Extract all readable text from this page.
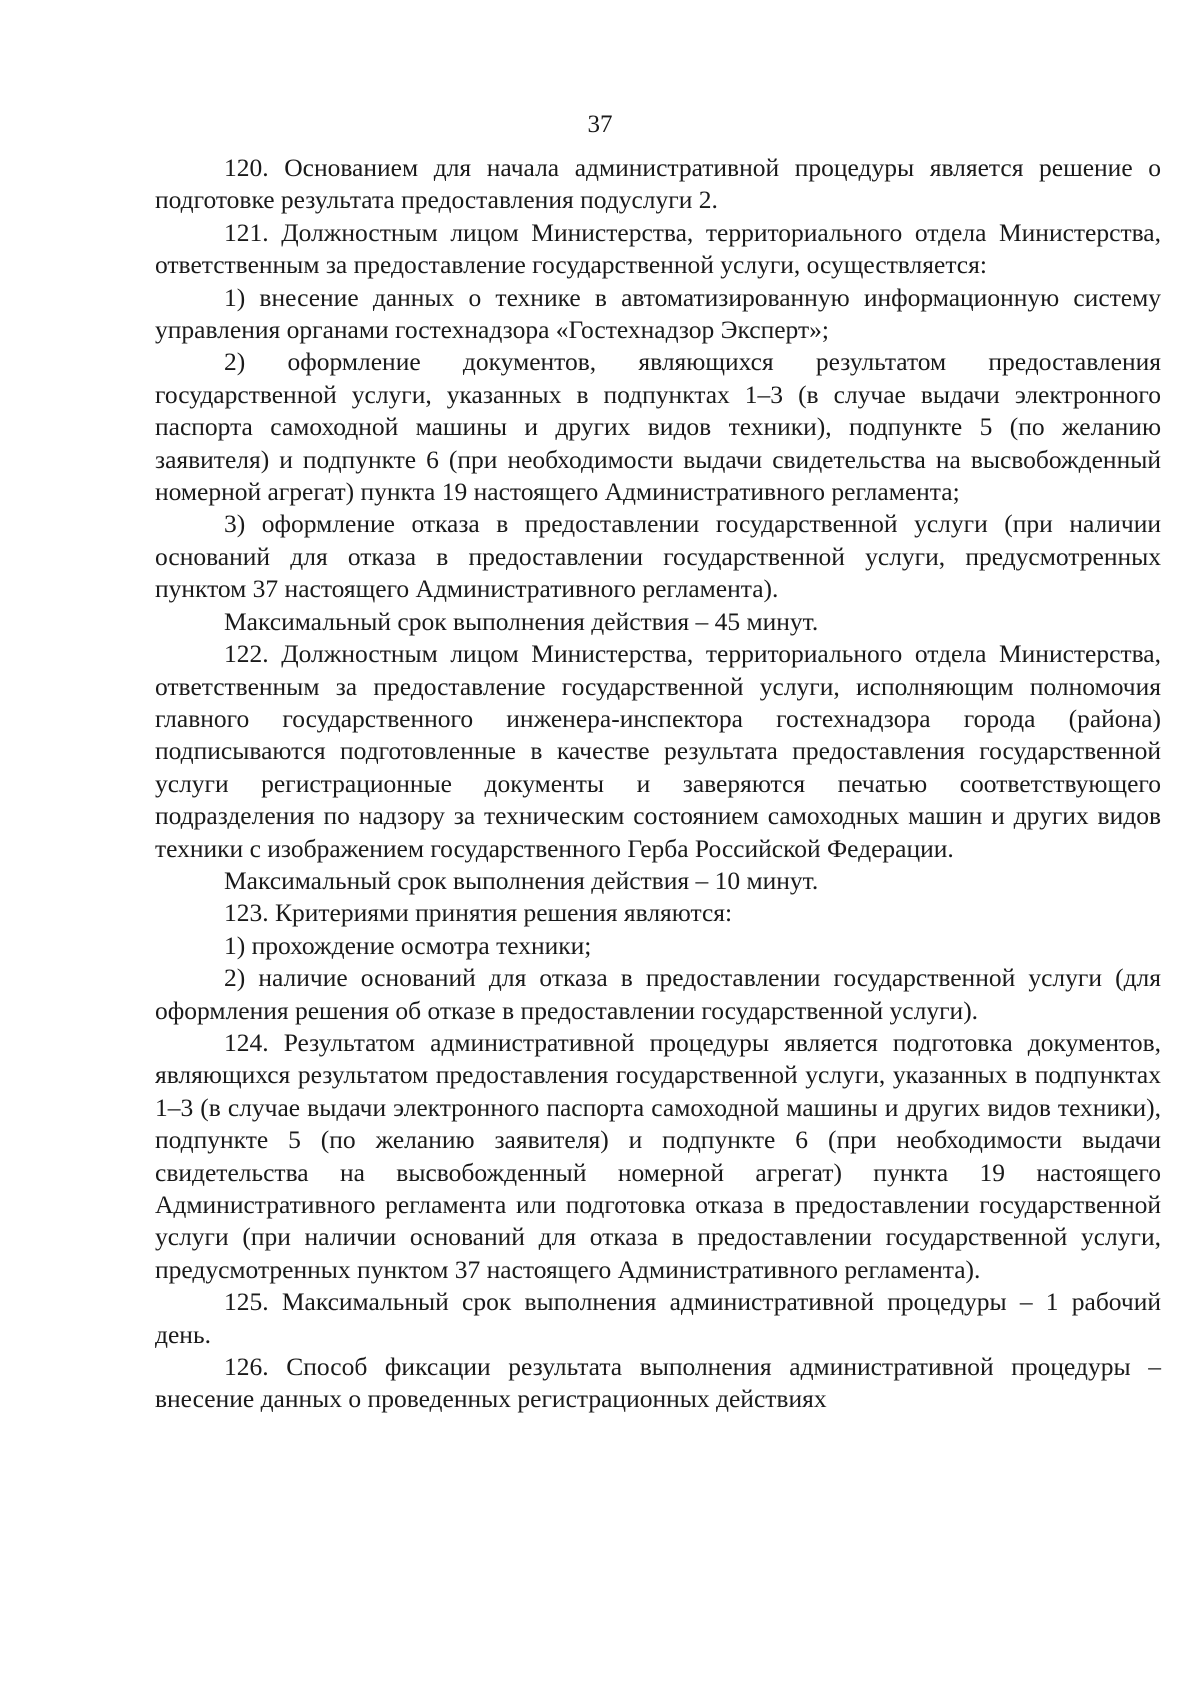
37

120. Основанием для начала административной процедуры является решение о подготовке результата предоставления подуслуги 2.

121. Должностным лицом Министерства, территориального отдела Министерства, ответственным за предоставление государственной услуги, осуществляется:

1) внесение данных о технике в автоматизированную информационную систему управления органами гостехнадзора «Гостехнадзор Эксперт»;

2) оформление документов, являющихся результатом предоставления государственной услуги, указанных в подпунктах 1–3 (в случае выдачи электронного паспорта самоходной машины и других видов техники), подпункте 5 (по желанию заявителя) и подпункте 6 (при необходимости выдачи свидетельства на высвобожденный номерной агрегат) пункта 19 настоящего Административного регламента;

3) оформление отказа в предоставлении государственной услуги (при наличии оснований для отказа в предоставлении государственной услуги, предусмотренных пунктом 37 настоящего Административного регламента).

Максимальный срок выполнения действия – 45 минут.

122. Должностным лицом Министерства, территориального отдела Министерства, ответственным за предоставление государственной услуги, исполняющим полномочия главного государственного инженера-инспектора гостехнадзора города (района) подписываются подготовленные в качестве результата предоставления государственной услуги регистрационные документы и заверяются печатью соответствующего подразделения по надзору за техническим состоянием самоходных машин и других видов техники с изображением государственного Герба Российской Федерации.

Максимальный срок выполнения действия – 10 минут.

123. Критериями принятия решения являются:

1) прохождение осмотра техники;

2) наличие оснований для отказа в предоставлении государственной услуги (для оформления решения об отказе в предоставлении государственной услуги).

124. Результатом административной процедуры является подготовка документов, являющихся результатом предоставления государственной услуги, указанных в подпунктах 1–3 (в случае выдачи электронного паспорта самоходной машины и других видов техники), подпункте 5 (по желанию заявителя) и подпункте 6 (при необходимости выдачи свидетельства на высвобожденный номерной агрегат) пункта 19 настоящего Административного регламента или подготовка отказа в предоставлении государственной услуги (при наличии оснований для отказа в предоставлении государственной услуги, предусмотренных пунктом 37 настоящего Административного регламента).

125. Максимальный срок выполнения административной процедуры – 1 рабочий день.

126. Способ фиксации результата выполнения административной процедуры – внесение данных о проведенных регистрационных действиях
